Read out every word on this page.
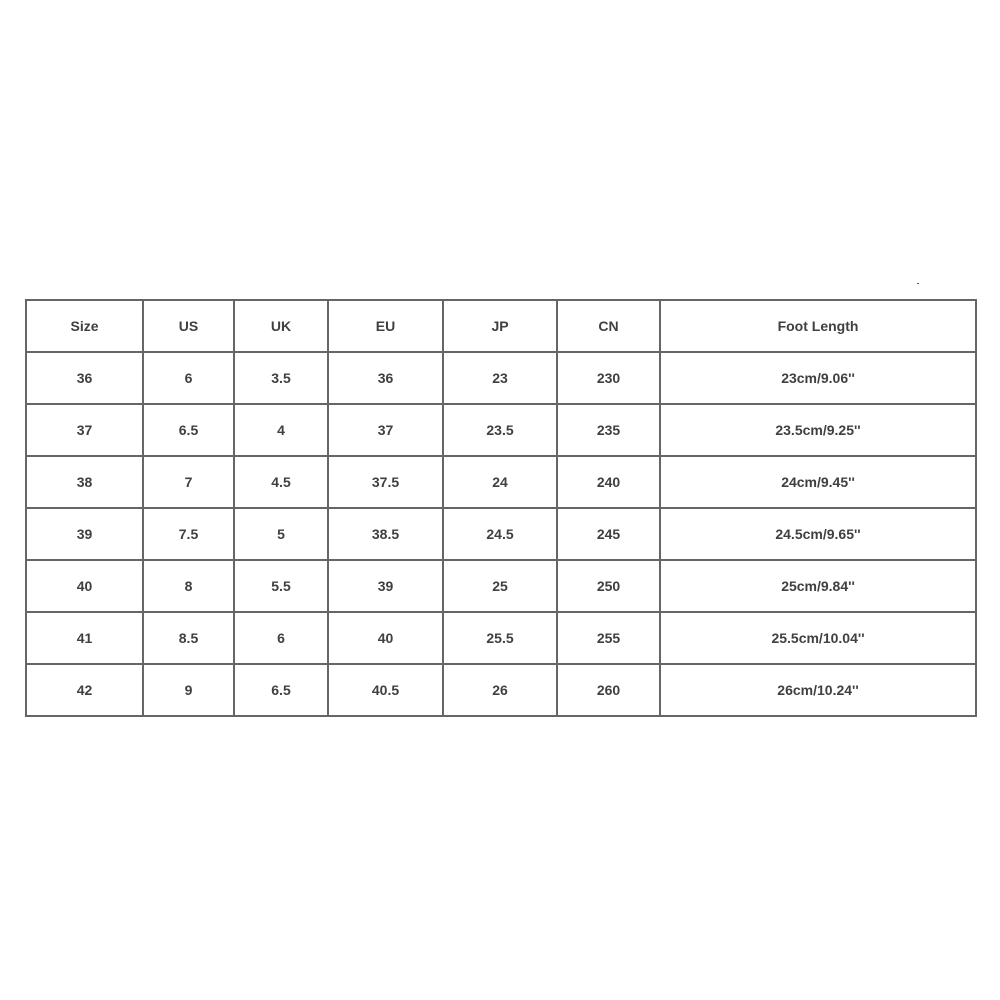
Size	US	UK	EU	JP	CN	Foot Length
36	6	3.5	36	23	230	23cm/9.06''
37	6.5	4	37	23.5	235	23.5cm/9.25''
38	7	4.5	37.5	24	240	24cm/9.45''
39	7.5	5	38.5	24.5	245	24.5cm/9.65''
40	8	5.5	39	25	250	25cm/9.84''
41	8.5	6	40	25.5	255	25.5cm/10.04''
42	9	6.5	40.5	26	260	26cm/10.24''
